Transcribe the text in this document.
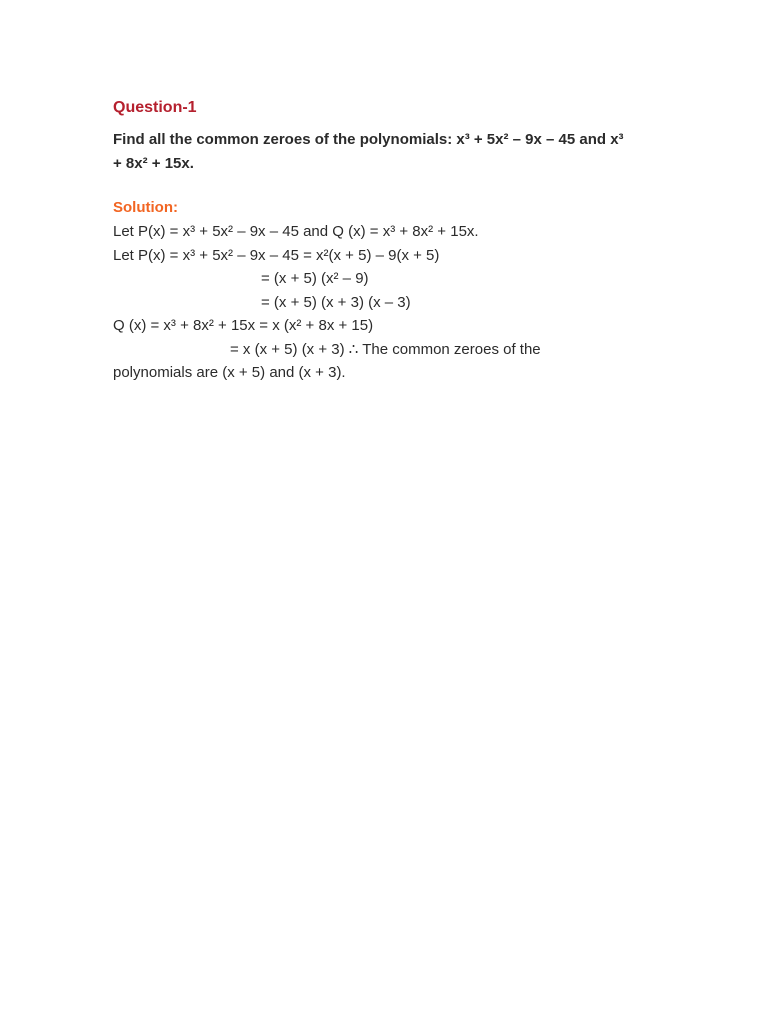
Question-1
Find all the common zeroes of the polynomials: x³ + 5x² – 9x – 45 and x³ + 8x² + 15x.
Solution:
Let P(x) = x³ + 5x² – 9x – 45 and Q (x) = x³ + 8x² + 15x.
Let P(x) = x³ + 5x² – 9x – 45 = x²(x + 5) – 9(x + 5)
= (x + 5) (x² – 9)
= (x + 5) (x + 3) (x – 3)
Q (x) = x³ + 8x² + 15x = x (x² + 8x + 15)
= x (x + 5) (x + 3) ∴ The common zeroes of the
polynomials are (x + 5) and (x + 3).
